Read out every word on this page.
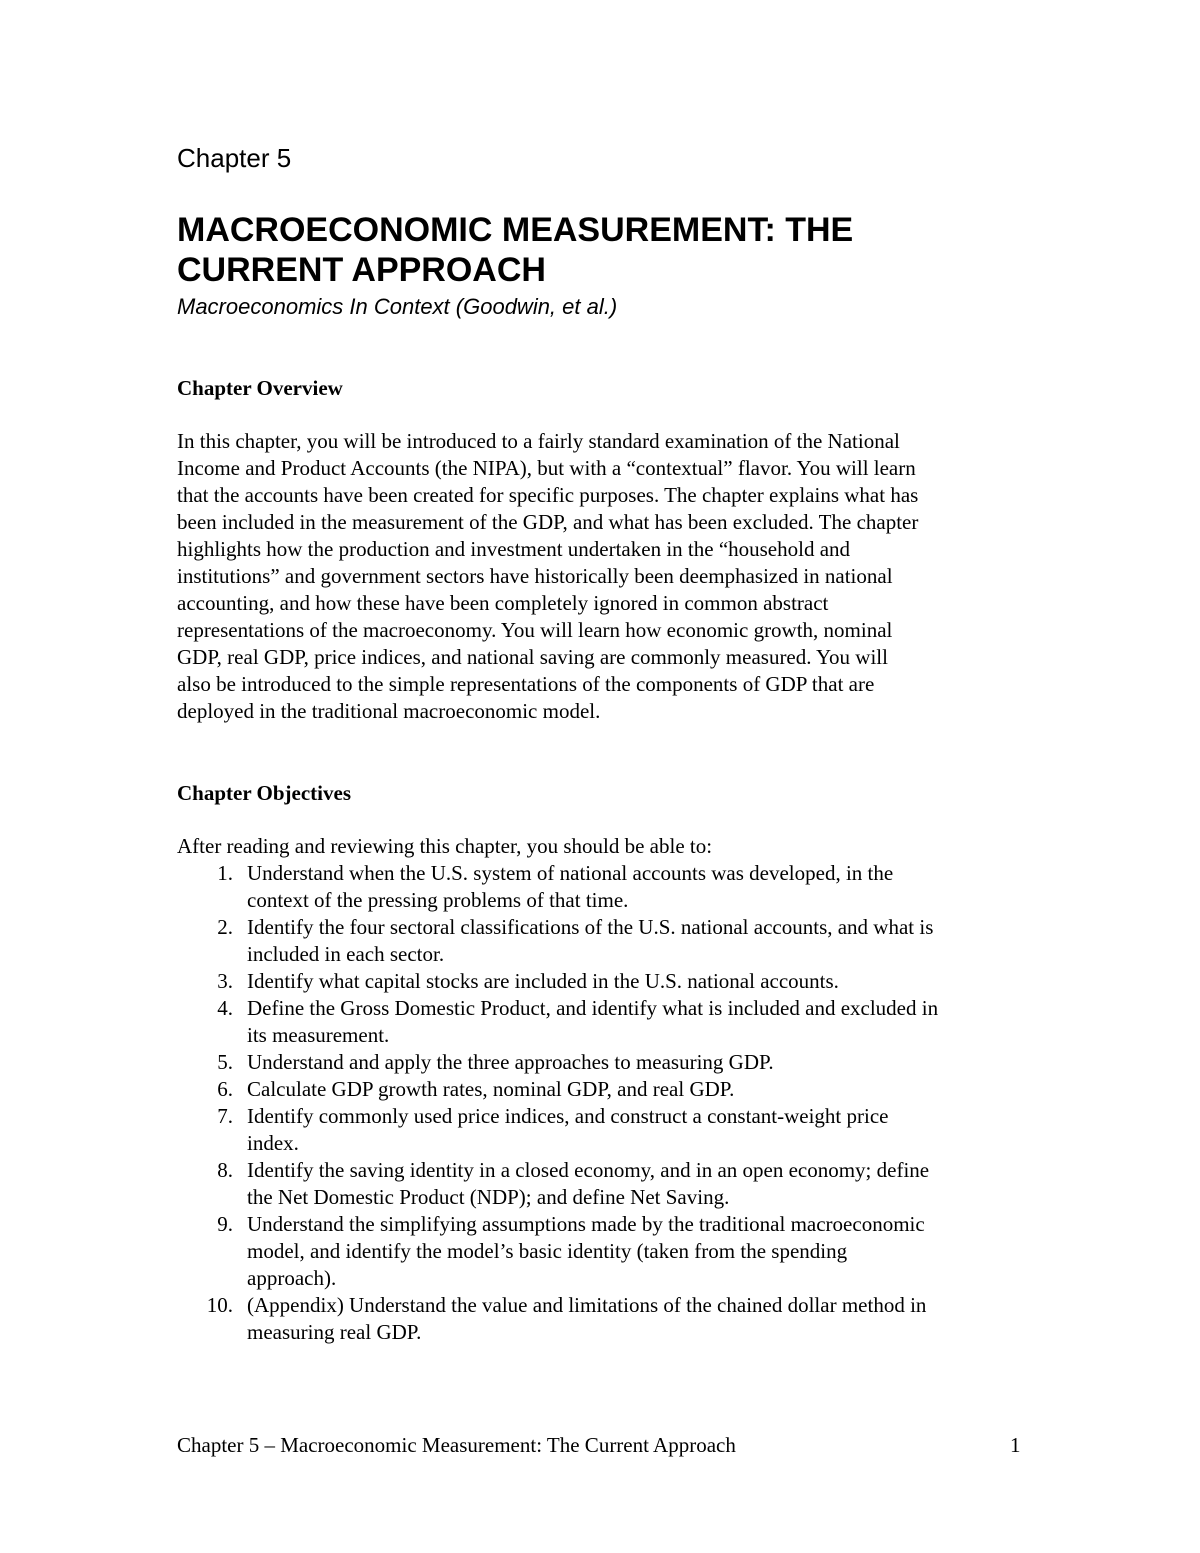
Chapter 5
MACROECONOMIC MEASUREMENT: THE
CURRENT APPROACH
Macroeconomics In Context (Goodwin, et al.)
Chapter Overview
In this chapter, you will be introduced to a fairly standard examination of the National
Income and Product Accounts (the NIPA), but with a “contextual” flavor. You will learn
that the accounts have been created for specific purposes. The chapter explains what has
been included in the measurement of the GDP, and what has been excluded. The chapter
highlights how the production and investment undertaken in the “household and
institutions” and government sectors have historically been deemphasized in national
accounting, and how these have been completely ignored in common abstract
representations of the macroeconomy. You will learn how economic growth, nominal
GDP, real GDP, price indices, and national saving are commonly measured. You will
also be introduced to the simple representations of the components of GDP that are
deployed in the traditional macroeconomic model.
Chapter Objectives
After reading and reviewing this chapter, you should be able to:
1. Understand when the U.S. system of national accounts was developed, in the
context of the pressing problems of that time.
2. Identify the four sectoral classifications of the U.S. national accounts, and what is
included in each sector.
3. Identify what capital stocks are included in the U.S. national accounts.
4. Define the Gross Domestic Product, and identify what is included and excluded in
its measurement.
5. Understand and apply the three approaches to measuring GDP.
6. Calculate GDP growth rates, nominal GDP, and real GDP.
7. Identify commonly used price indices, and construct a constant-weight price
index.
8. Identify the saving identity in a closed economy, and in an open economy; define
the Net Domestic Product (NDP); and define Net Saving.
9. Understand the simplifying assumptions made by the traditional macroeconomic
model, and identify the model’s basic identity (taken from the spending
approach).
10. (Appendix) Understand the value and limitations of the chained dollar method in
measuring real GDP.
Chapter 5 – Macroeconomic Measurement: The Current Approach	1
